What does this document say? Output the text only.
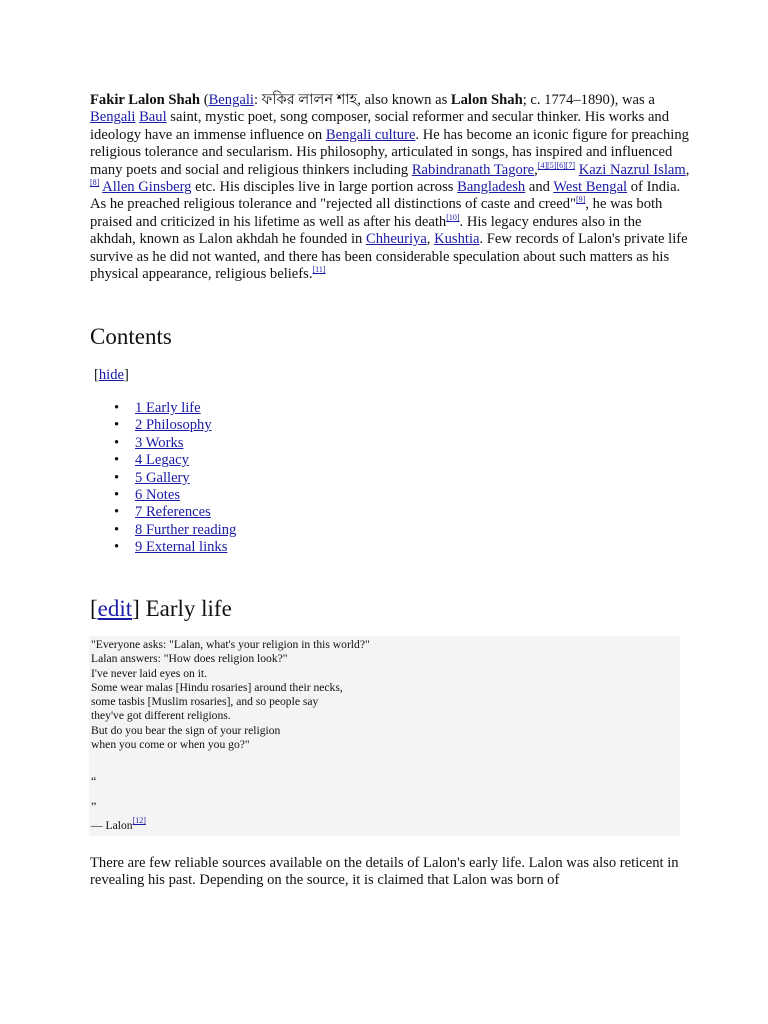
Fakir Lalon Shah (Bengali: ফকির লালন শাহ, also known as Lalon Shah; c. 1774–1890), was a Bengali Baul saint, mystic poet, song composer, social reformer and secular thinker. His works and ideology have an immense influence on Bengali culture. He has become an iconic figure for preaching religious tolerance and secularism. His philosophy, articulated in songs, has inspired and influenced many poets and social and religious thinkers including Rabindranath Tagore,[4][5][6][7] Kazi Nazrul Islam,[8] Allen Ginsberg etc. His disciples live in large portion across Bangladesh and West Bengal of India. As he preached religious tolerance and "rejected all distinctions of caste and creed"[9], he was both praised and criticized in his lifetime as well as after his death[10]. His legacy endures also in the akhdah, known as Lalon akhdah he founded in Chheuriya, Kushtia. Few records of Lalon's private life survive as he did not wanted, and there has been considerable speculation about such matters as his physical appearance, religious beliefs.[11]

Contents
[hide]
• 1 Early life
• 2 Philosophy
• 3 Works
• 4 Legacy
• 5 Gallery
• 6 Notes
• 7 References
• 8 Further reading
• 9 External links
[edit] Early life
"Everyone asks: "Lalan, what's your religion in this world?"
Lalan answers: "How does religion look?"
I've never laid eyes on it.
Some wear malas [Hindu rosaries] around their necks,
some tasbis [Muslim rosaries], and so people say
they've got different religions.
But do you bear the sign of your religion
when you come or when you go?"
“
”
— Lalon[12]

There are few reliable sources available on the details of Lalon's early life. Lalon was also reticent in revealing his past. Depending on the source, it is claimed that Lalon was born of
